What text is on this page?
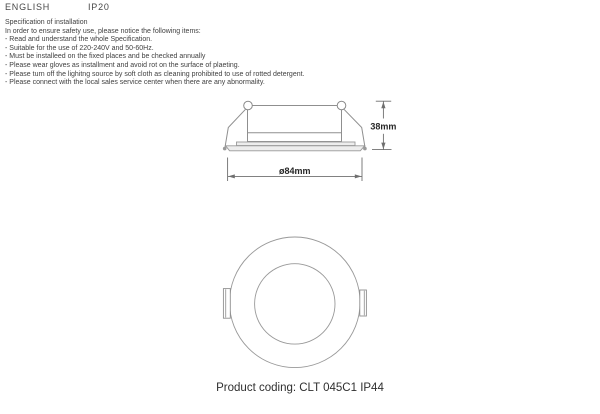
ENGLISH	IP20
Specification of installation
In order to ensure safety use, please notice the following items:
- Read and understand the whole Specification.
- Suitable for the use of 220-240V and 50-60Hz.
- Must be installeed on the fixed places and be checked annually
- Please wear gloves as installment and avoid rot on the surface of plaeting.
- Please turn off the lighitng source by soft cloth as cleaning prohibited to use of rotted detergent.
- Please connect with the local sales service center when there are any abnormality.
38mm
ø84mm
Product coding: CLT 045C1 IP44
